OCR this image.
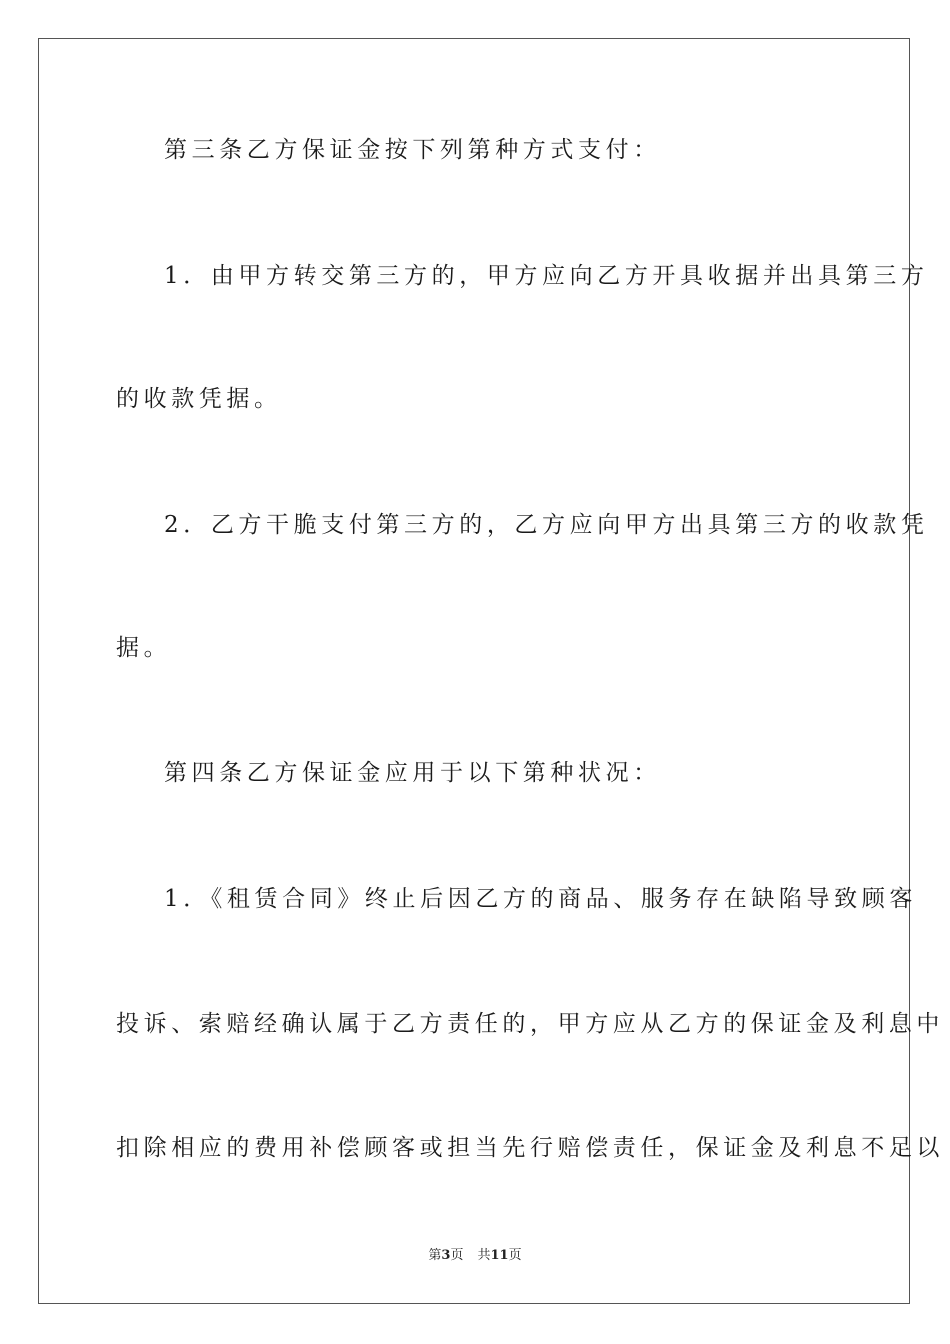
第三条乙方保证金按下列第种方式支付：
1．由甲方转交第三方的，甲方应向乙方开具收据并出具第三方
的收款凭据。
2．乙方干脆支付第三方的，乙方应向甲方出具第三方的收款凭
据。
第四条乙方保证金应用于以下第种状况：
1．《租赁合同》终止后因乙方的商品、服务存在缺陷导致顾客
投诉、索赔经确认属于乙方责任的，甲方应从乙方的保证金及利息中
扣除相应的费用补偿顾客或担当先行赔偿责任，保证金及利息不足以
第3页 共11页
